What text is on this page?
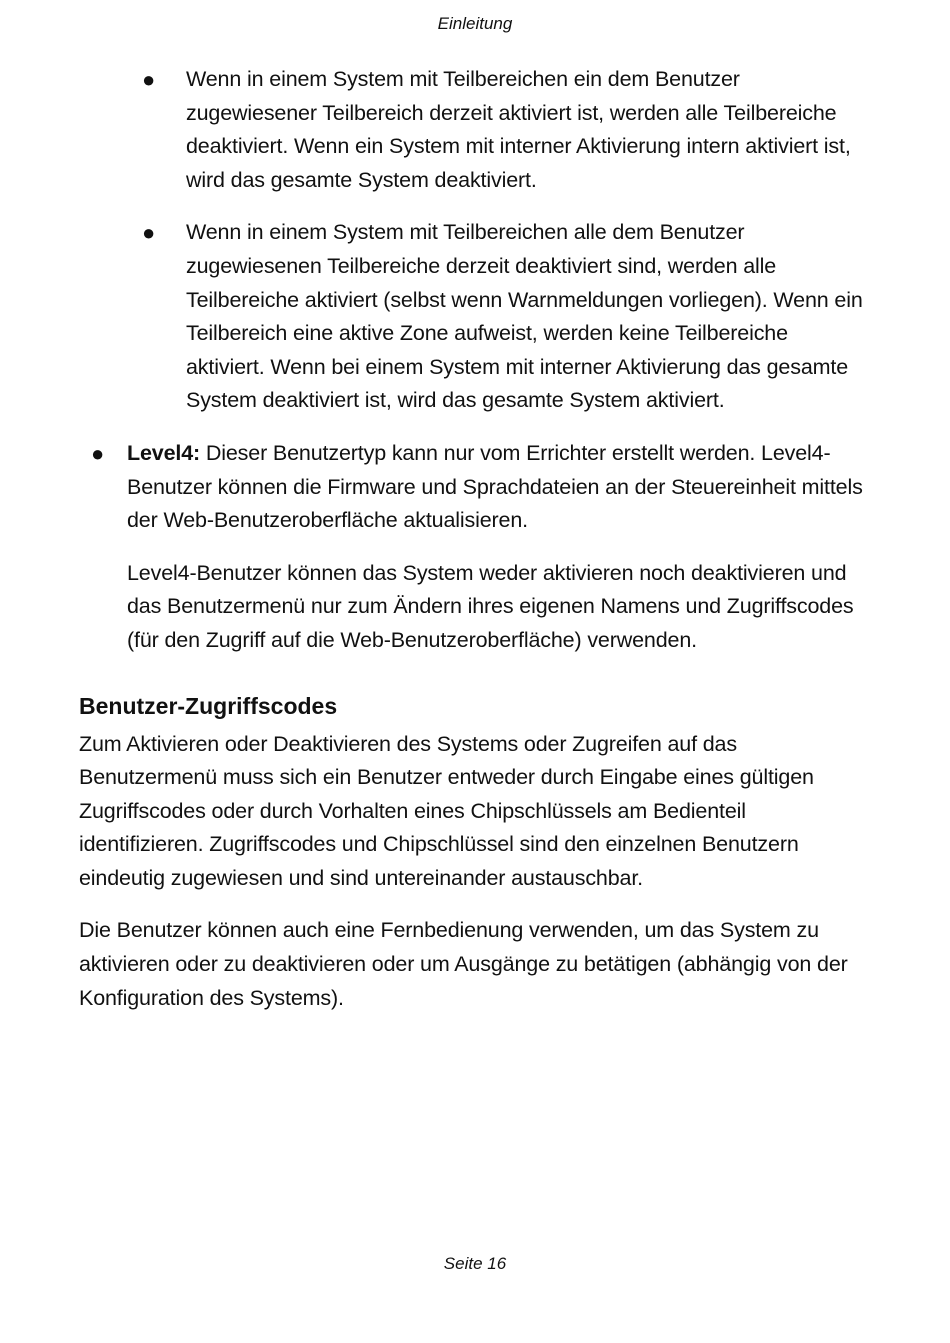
Einleitung
● Wenn in einem System mit Teilbereichen ein dem Benutzer zugewiesener Teilbereich derzeit aktiviert ist, werden alle Teilbereiche deaktiviert. Wenn ein System mit interner Aktivierung intern aktiviert ist, wird das gesamte System deaktiviert.
● Wenn in einem System mit Teilbereichen alle dem Benutzer zugewiesenen Teilbereiche derzeit deaktiviert sind, werden alle Teilbereiche aktiviert (selbst wenn Warnmeldungen vorliegen). Wenn ein Teilbereich eine aktive Zone aufweist, werden keine Teilbereiche aktiviert. Wenn bei einem System mit interner Aktivierung das gesamte System deaktiviert ist, wird das gesamte System aktiviert.
● Level4: Dieser Benutzertyp kann nur vom Errichter erstellt werden. Level4-Benutzer können die Firmware und Sprachdateien an der Steuereinheit mittels der Web-Benutzeroberfläche aktualisieren.

Level4-Benutzer können das System weder aktivieren noch deaktivieren und das Benutzermenü nur zum Ändern ihres eigenen Namens und Zugriffscodes (für den Zugriff auf die Web-Benutzeroberfläche) verwenden.

Benutzer-Zugriffscodes

Zum Aktivieren oder Deaktivieren des Systems oder Zugreifen auf das Benutzermenü muss sich ein Benutzer entweder durch Eingabe eines gültigen Zugriffscodes oder durch Vorhalten eines Chipschlüssels am Bedienteil identifizieren. Zugriffscodes und Chipschlüssel sind den einzelnen Benutzern eindeutig zugewiesen und sind untereinander austauschbar.

Die Benutzer können auch eine Fernbedienung verwenden, um das System zu aktivieren oder zu deaktivieren oder um Ausgänge zu betätigen (abhängig von der Konfiguration des Systems).

Seite 16
